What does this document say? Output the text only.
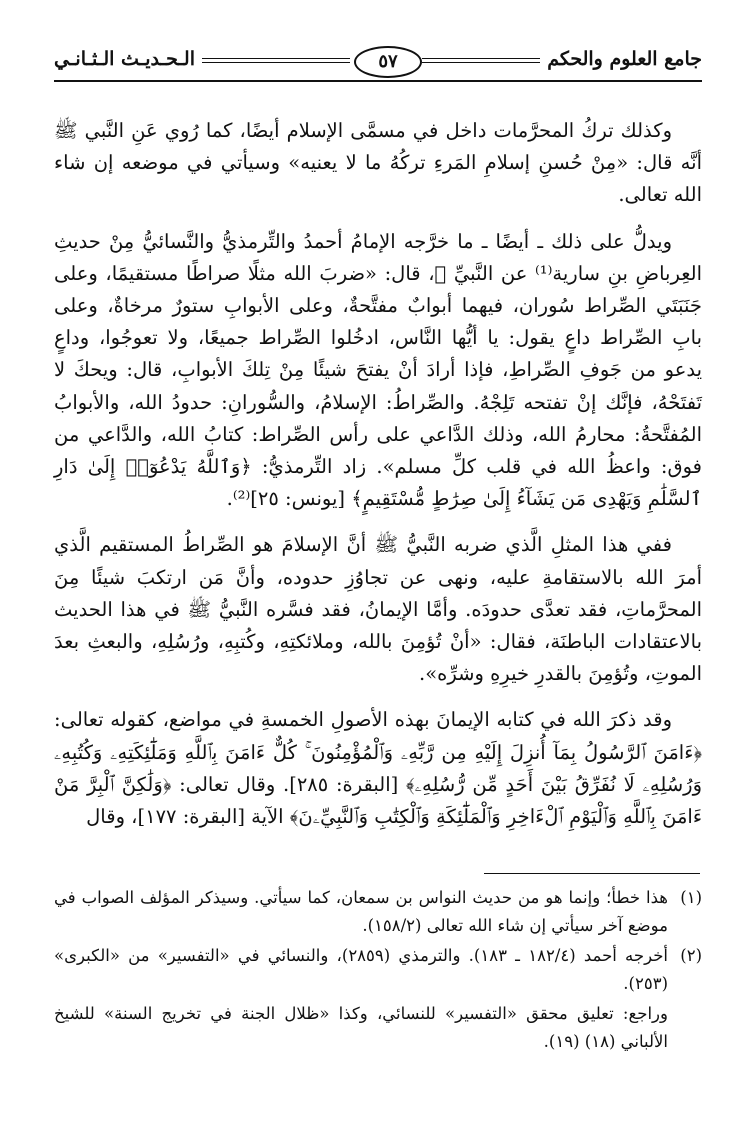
جامع العلوم والحكم
٥٧
الـحـديـث الـثـانـي

وكذلك تركُ المحرَّمات داخل في مسمَّى الإسلام أيضًا، كما رُوي عَنِ النَّبي ﷺ أنَّه قال: «مِنْ حُسنِ إسلامِ المَرءِ تركُهُ ما لا يعنيه» وسيأتي في موضعه إن شاء الله تعالى.

ويدلُّ على ذلك ـ أيضًا ـ ما خرَّجه الإمامُ أحمدُ والتِّرمذيُّ والنَّسائيُّ مِنْ حديثِ العِرباضِ بنِ سارية⁽¹⁾ عن النَّبيِّ ﷺ، قال: «ضربَ الله مثلًا صراطًا مستقيمًا، وعلى جَنَبَتَي الصِّراط سُوران، فيهما أبوابٌ مفتَّحةٌ، وعلى الأبوابِ ستورٌ مرخاةٌ، وعلى بابِ الصِّراط داعٍ يقول: يا أيُّها النَّاس، ادخُلوا الصِّراط جميعًا، ولا تعوجُوا، وداعٍ يدعو من جَوفِ الصِّراطِ، فإذا أرادَ أنْ يفتحَ شيئًا مِنْ تِلكَ الأبوابِ، قال: ويحكَ لا تَفتَحْهُ، فإنَّك إنْ تفتحه تَلِجْهُ. والصِّراطُ: الإسلامُ، والسُّورانِ: حدودُ الله، والأبوابُ المُفتَّحةُ: محارمُ الله، وذلك الدَّاعي على رأس الصِّراط: كتابُ الله، والدَّاعي من فوق: واعظُ الله في قلب كلِّ مسلم». زاد التِّرمذيُّ: ﴿وَٱللَّهُ يَدْعُوٓا۟ إِلَىٰ دَارِ ٱلسَّلَٰمِ وَيَهْدِى مَن يَشَآءُ إِلَىٰ صِرَٰطٍ مُّسْتَقِيمٍ﴾ [يونس: ٢٥]⁽²⁾.

ففي هذا المثلِ الَّذي ضربه النَّبيُّ ﷺ أنَّ الإسلامَ هو الصِّراطُ المستقيم الَّذي أمرَ الله بالاستقامةِ عليه، ونهى عن تجاوُزِ حدوده، وأنَّ مَن ارتكبَ شيئًا مِنَ المحرَّماتِ، فقد تعدَّى حدودَه. وأمَّا الإيمانُ، فقد فسَّره النَّبيُّ ﷺ في هذا الحديث بالاعتقادات الباطنَة، فقال: «أنْ تُؤمِنَ بالله، وملائكتِهِ، وكُتبِهِ، ورُسُلِهِ، والبعثِ بعدَ الموتِ، وتُؤمِنَ بالقدرِ خيرِهِ وشرِّه».

وقد ذكرَ الله في كتابه الإيمانَ بهذه الأصولِ الخمسةِ في مواضع، كقوله تعالى: ﴿ءَامَنَ ٱلرَّسُولُ بِمَآ أُنزِلَ إِلَيْهِ مِن رَّبِّهِۦ وَٱلْمُؤْمِنُونَ ۚ كُلٌّ ءَامَنَ بِٱللَّهِ وَمَلَٰٓئِكَتِهِۦ وَكُتُبِهِۦ وَرُسُلِهِۦ لَا نُفَرِّقُ بَيْنَ أَحَدٍ مِّن رُّسُلِهِۦ﴾ [البقرة: ٢٨٥]. وقال تعالى: ﴿وَلَٰكِنَّ ٱلْبِرَّ مَنْ ءَامَنَ بِٱللَّهِ وَٱلْيَوْمِ ٱلْءَاخِرِ وَٱلْمَلَٰٓئِكَةِ وَٱلْكِتَٰبِ وَٱلنَّبِيِّۦنَ﴾ الآية [البقرة: ١٧٧]، وقال

(١)
هذا خطأ؛ وإنما هو من حديث النواس بن سمعان، كما سيأتي. وسيذكر المؤلف الصواب في موضع آخر سيأتي إن شاء الله تعالى (١٥٨/٢).
(٢)
أخرجه أحمد (١٨٢/٤ ـ ١٨٣). والترمذي (٢٨٥٩)، والنسائي في «التفسير» من «الكبرى» (٢٥٣).
وراجع: تعليق محقق «التفسير» للنسائي، وكذا «ظلال الجنة في تخريج السنة» للشيخ الألباني (١٨) (١٩).
